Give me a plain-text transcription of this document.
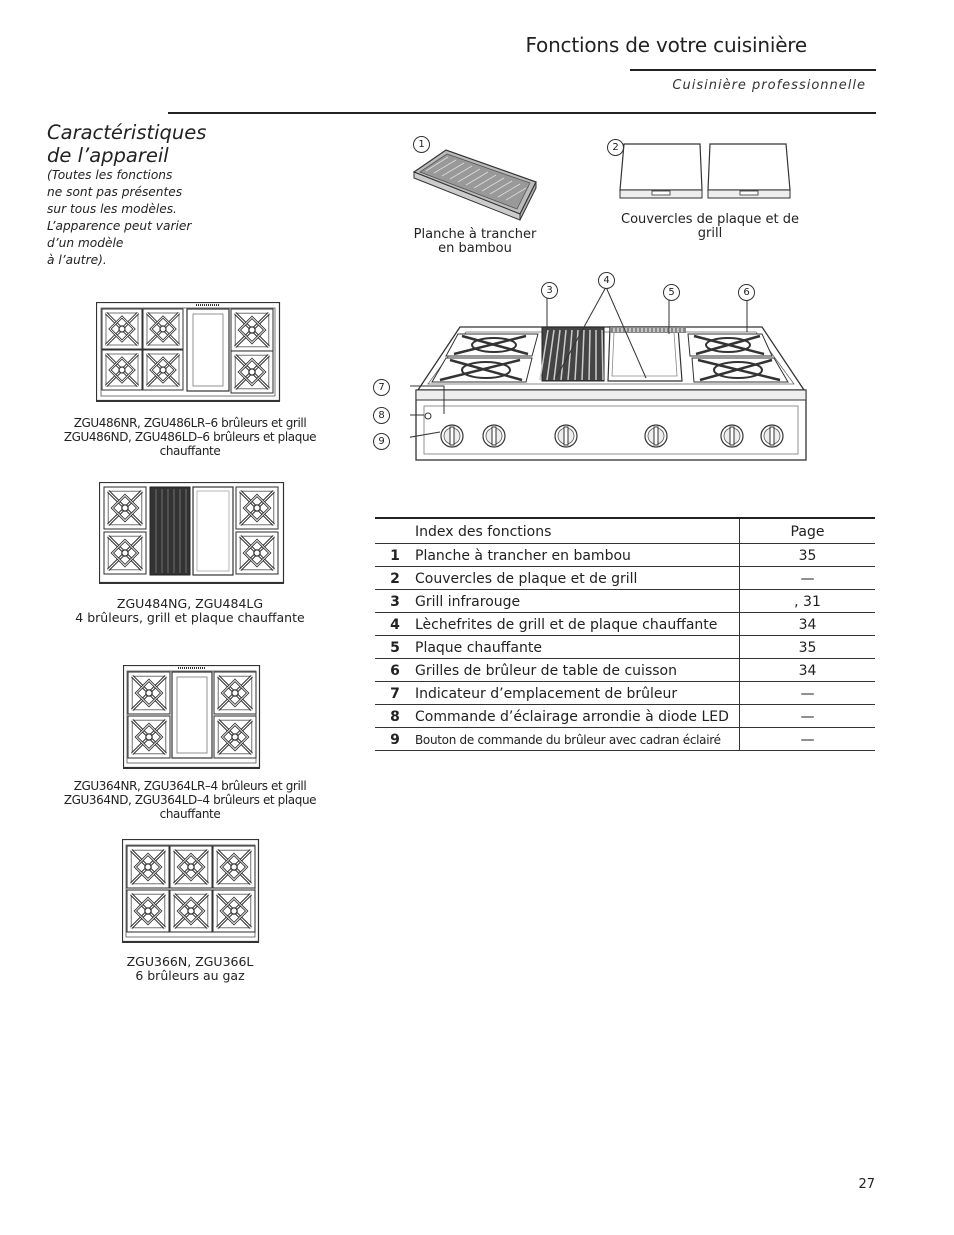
Fonctions de votre cuisinière
Cuisinière professionnelle
Caractéristiques
de l’appareil
(Toutes les fonctions
ne sont pas présentes
sur tous les modèles.
L’apparence peut varier
d’un modèle
à l’autre).
ZGU486NR, ZGU486LR–6 brûleurs et grill
ZGU486ND, ZGU486LD–6 brûleurs et plaque
chauffante
ZGU484NG, ZGU484LG
4 brûleurs, grill et plaque chauffante
ZGU364NR, ZGU364LR–4 brûleurs et grill
ZGU364ND, ZGU364LD–4 brûleurs et plaque
chauffante
ZGU366N, ZGU366L
6 brûleurs au gaz
1
Planche à trancher
en bambou
2
Couvercles de plaque et de
grill
3
4
5	6
7
8
9
	Index des fonctions	Page
1	Planche à trancher en bambou	35
2	Couvercles de plaque et de grill	—
3	Grill infrarouge	, 31
4	Lèchefrites de grill et de plaque chauffante	34
5	Plaque chauffante	35
6	Grilles de brûleur de table de cuisson	34
7	Indicateur d’emplacement de brûleur	—
8	Commande d’éclairage arrondie à diode LED	—
9	Bouton de commande du brûleur avec cadran éclairé	—
27
